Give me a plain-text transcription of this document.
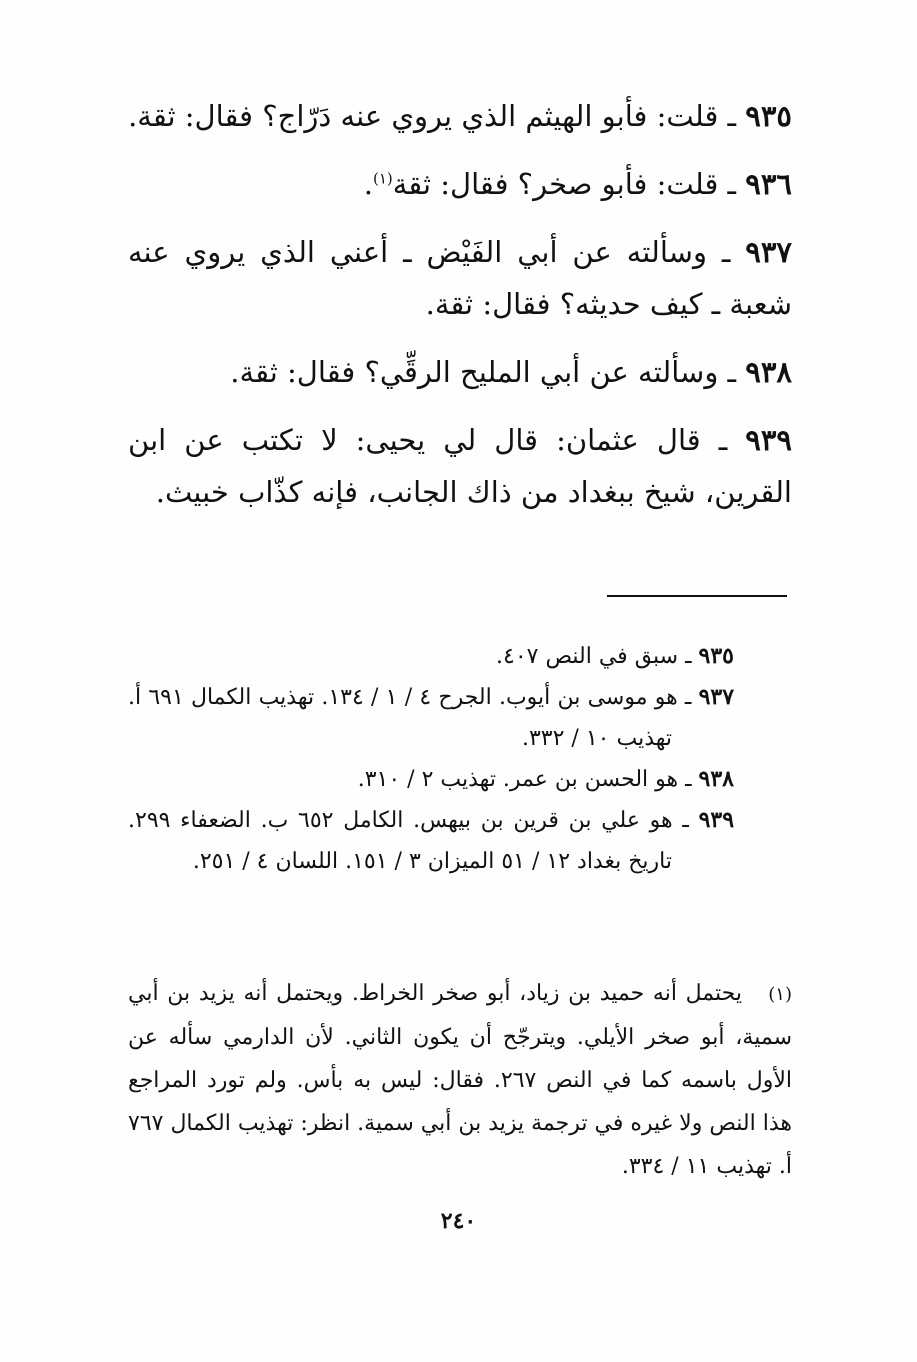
٩٣٥ ـ قلت: فأبو الهيثم الذي يروي عنه دَرّاج؟ فقال: ثقة.

٩٣٦ ـ قلت: فأبو صخر؟ فقال: ثقة$^{(١)}$.

٩٣٧ ـ وسألته عن أبي الفَيْض ـ أعني الذي يروي عنه شعبة ـ كيف حديثه؟ فقال: ثقة.

٩٣٨ ـ وسألته عن أبي المليح الرقِّي؟ فقال: ثقة.

٩٣٩ ـ قال عثمان: قال لي يحيى: لا تكتب عن ابن القرين، شيخ ببغداد من ذاك الجانب، فإنه كذّاب خبيث.

٩٣٥ ـ سبق في النص ٤٠٧.

٩٣٧ ـ هو موسى بن أيوب. الجرح ٤ / ١ / ١٣٤. تهذيب الكمال ٦٩١ أ. تهذيب ١٠ / ٣٣٢.

٩٣٨ ـ هو الحسن بن عمر. تهذيب ٢ / ٣١٠.

٩٣٩ ـ هو علي بن قرين بن بيهس. الكامل ٦٥٢ ب. الضعفاء ٢٩٩. تاريخ بغداد ١٢ / ٥١ الميزان ٣ / ١٥١. اللسان ٤ / ٢٥١.

(١)يحتمل أنه حميد بن زياد، أبو صخر الخراط. ويحتمل أنه يزيد بن أبي سمية، أبو صخر الأيلي. ويترجّح أن يكون الثاني. لأن الدارمي سأله عن الأول باسمه كما في النص ٢٦٧. فقال: ليس به بأس. ولم تورد المراجع هذا النص ولا غيره في ترجمة يزيد بن أبي سمية. انظر: تهذيب الكمال ٧٦٧ أ. تهذيب ١١ / ٣٣٤.
٢٤٠
